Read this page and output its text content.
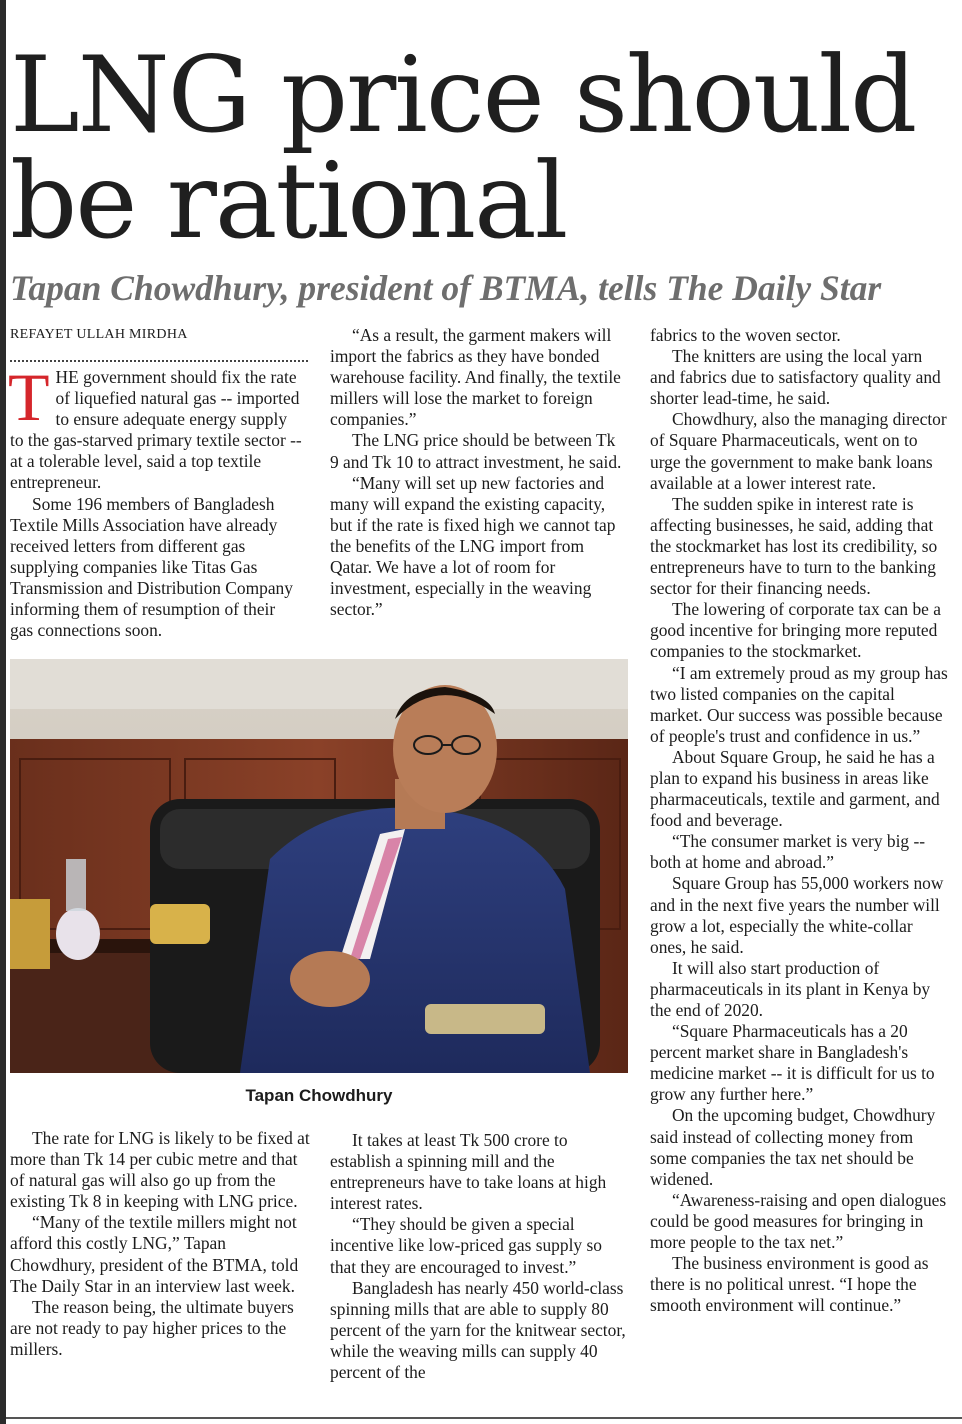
LNG price should
be rational
Tapan Chowdhury, president of BTMA, tells The Daily Star
REFAYET ULLAH MIRDHA

THE government should fix the rate of liquefied natural gas -- imported to ensure adequate energy supply to the gas-starved primary textile sector -- at a tolerable level, said a top textile entrepreneur.

Some 196 members of Bangladesh Textile Mills Association have already received letters from different gas supplying companies like Titas Gas Transmission and Distribution Company informing them of resumption of their gas connections soon.

“As a result, the garment makers will import the fabrics as they have bonded warehouse facility. And finally, the textile millers will lose the market to foreign companies.”

The LNG price should be between Tk 9 and Tk 10 to attract investment, he said.

“Many will set up new factories and many will expand the existing capacity, but if the rate is fixed high we cannot tap the benefits of the LNG import from Qatar. We have a lot of room for investment, especially in the weaving sector.”

fabrics to the woven sector.

The knitters are using the local yarn and fabrics due to satisfactory quality and shorter lead-time, he said.

Chowdhury, also the managing director of Square Pharmaceuticals, went on to urge the government to make bank loans available at a lower interest rate.

The sudden spike in interest rate is affecting businesses, he said, adding that the stockmarket has lost its credibility, so entrepreneurs have to turn to the banking sector for their financing needs.

The lowering of corporate tax can be a good incentive for bringing more reputed companies to the stockmarket.

“I am extremely proud as my group has two listed companies on the capital market. Our success was possible because of people's trust and confidence in us.”

About Square Group, he said he has a plan to expand his business in areas like pharmaceuticals, textile and garment, and food and beverage.

“The consumer market is very big -- both at home and abroad.”

Square Group has 55,000 workers now and in the next five years the number will grow a lot, especially the white-collar ones, he said.

It will also start production of pharmaceuticals in its plant in Kenya by the end of 2020.

“Square Pharmaceuticals has a 20 percent market share in Bangladesh's medicine market -- it is difficult for us to grow any further here.”

On the upcoming budget, Chowdhury said instead of collecting money from some companies the tax net should be widened.

“Awareness-raising and open dialogues could be good measures for bringing in more people to the tax net.”

The business environment is good as there is no political unrest. “I hope the smooth environment will continue.”

Tapan Chowdhury

The rate for LNG is likely to be fixed at more than Tk 14 per cubic metre and that of natural gas will also go up from the existing Tk 8 in keeping with LNG price.

“Many of the textile millers might not afford this costly LNG,” Tapan Chowdhury, president of the BTMA, told The Daily Star in an interview last week.

The reason being, the ultimate buyers are not ready to pay higher prices to the millers.

It takes at least Tk 500 crore to establish a spinning mill and the entrepreneurs have to take loans at high interest rates.

“They should be given a special incentive like low-priced gas supply so that they are encouraged to invest.”

Bangladesh has nearly 450 world-class spinning mills that are able to supply 80 percent of the yarn for the knitwear sector, while the weaving mills can supply 40 percent of the
